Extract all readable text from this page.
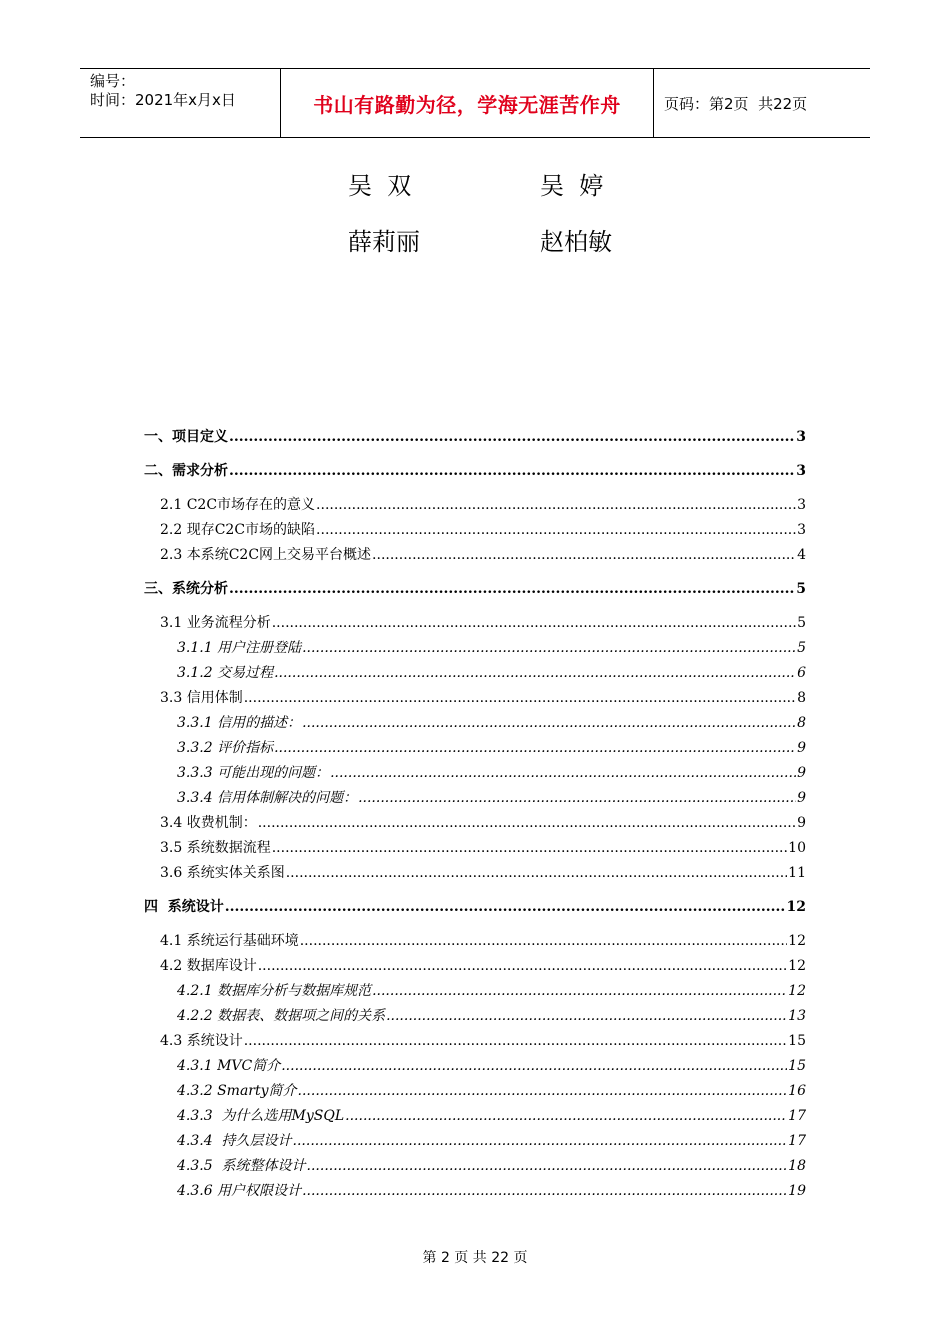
编号：
时间：2021年x月x日	书山有路勤为径，学海无涯苦作舟	页码：第2页  共22页
吴  双	吴  婷
薛莉丽	赵柏敏
一、项目定义 .....	3
二、需求分析 .....	3
2.1 C2C市场存在的意义 .....	3
2.2 现存C2C市场的缺陷 .....	3
2.3 本系统C2C网上交易平台概述 .....	4
三、系统分析 .....	5
3.1 业务流程分析 .....	5
3.1.1 用户注册登陆 .....	5
3.1.2 交易过程 .....	6
3.3 信用体制 .....	8
3.3.1 信用的描述： .....	8
3.3.2 评价指标 .....	9
3.3.3 可能出现的问题： .....	9
3.3.4 信用体制解决的问题： .....	9
3.4 收费机制： .....	9
3.5 系统数据流程 .....	10
3.6 系统实体关系图 .....	11
四  系统设计 .....	12
4.1 系统运行基础环境 .....	12
4.2 数据库设计 .....	12
4.2.1 数据库分析与数据库规范 .....	12
4.2.2 数据表、数据项之间的关系 .....	13
4.3 系统设计 .....	15
4.3.1 MVC简介 .....	15
4.3.2 Smarty简介 .....	16
4.3.3  为什么选用MySQL .....	17
4.3.4  持久层设计 .....	17
4.3.5  系统整体设计 .....	18
4.3.6 用户权限设计 .....	19
第 2 页 共 22 页
